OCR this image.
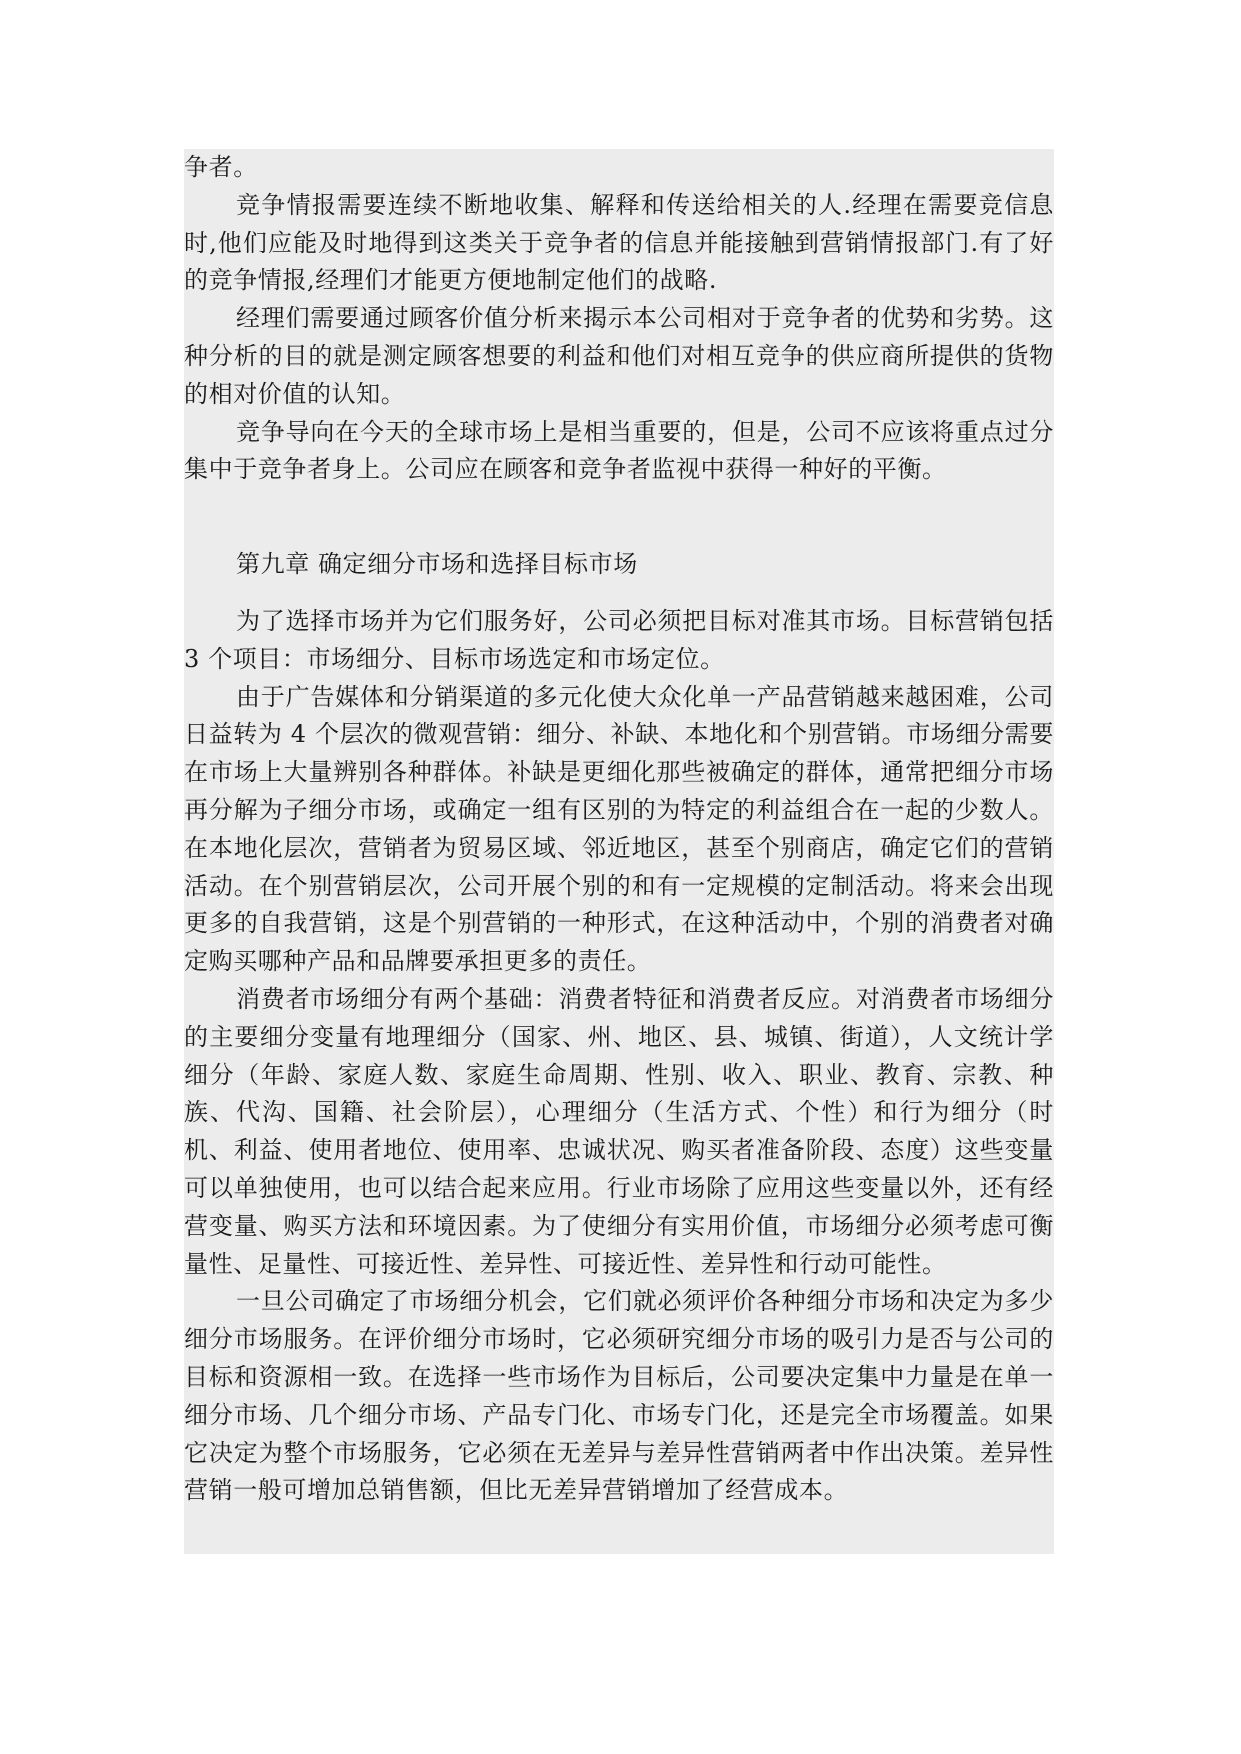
争者。

竞争情报需要连续不断地收集、解释和传送给相关的人.经理在需要竞信息时,他们应能及时地得到这类关于竞争者的信息并能接触到营销情报部门.有了好的竞争情报,经理们才能更方便地制定他们的战略.

经理们需要通过顾客价值分析来揭示本公司相对于竞争者的优势和劣势。这种分析的目的就是测定顾客想要的利益和他们对相互竞争的供应商所提供的货物的相对价值的认知。

竞争导向在今天的全球市场上是相当重要的，但是，公司不应该将重点过分集中于竞争者身上。公司应在顾客和竞争者监视中获得一种好的平衡。

第九章 确定细分市场和选择目标市场

为了选择市场并为它们服务好，公司必须把目标对准其市场。目标营销包括 3 个项目：市场细分、目标市场选定和市场定位。

由于广告媒体和分销渠道的多元化使大众化单一产品营销越来越困难，公司日益转为 4 个层次的微观营销：细分、补缺、本地化和个别营销。市场细分需要在市场上大量辨别各种群体。补缺是更细化那些被确定的群体，通常把细分市场再分解为子细分市场，或确定一组有区别的为特定的利益组合在一起的少数人。在本地化层次，营销者为贸易区域、邻近地区，甚至个别商店，确定它们的营销活动。在个别营销层次，公司开展个别的和有一定规模的定制活动。将来会出现更多的自我营销，这是个别营销的一种形式，在这种活动中，个别的消费者对确定购买哪种产品和品牌要承担更多的责任。

消费者市场细分有两个基础：消费者特征和消费者反应。对消费者市场细分的主要细分变量有地理细分（国家、州、地区、县、城镇、街道），人文统计学细分（年龄、家庭人数、家庭生命周期、性别、收入、职业、教育、宗教、种族、代沟、国籍、社会阶层），心理细分（生活方式、个性）和行为细分（时机、利益、使用者地位、使用率、忠诚状况、购买者准备阶段、态度）这些变量可以单独使用，也可以结合起来应用。行业市场除了应用这些变量以外，还有经营变量、购买方法和环境因素。为了使细分有实用价值，市场细分必须考虑可衡量性、足量性、可接近性、差异性、可接近性、差异性和行动可能性。

一旦公司确定了市场细分机会，它们就必须评价各种细分市场和决定为多少细分市场服务。在评价细分市场时，它必须研究细分市场的吸引力是否与公司的目标和资源相一致。在选择一些市场作为目标后，公司要决定集中力量是在单一细分市场、几个细分市场、产品专门化、市场专门化，还是完全市场覆盖。如果它决定为整个市场服务，它必须在无差异与差异性营销两者中作出决策。差异性营销一般可增加总销售额，但比无差异营销增加了经营成本。
